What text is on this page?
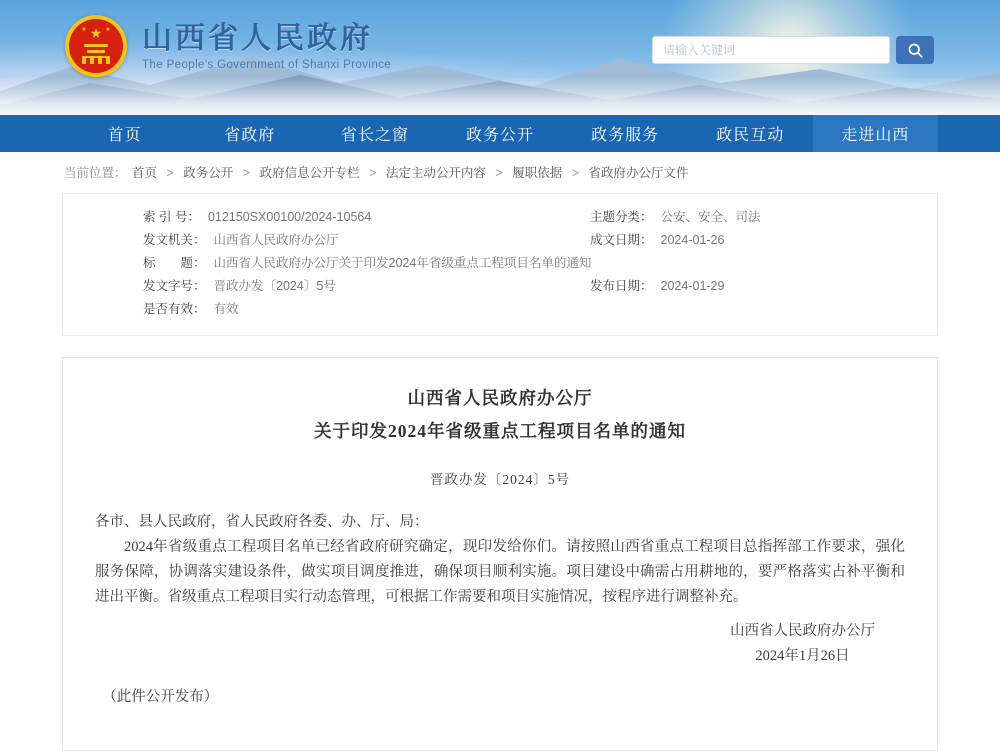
★
★	★ 山西省人民政府
The People's Government of Shanxi Province
请输入关键词
首页	省政府	省长之窗	政务公开	政务服务	政民互动	走进山西
当前位置： 首页 > 政务公开 > 政府信息公开专栏 > 法定主动公开内容 > 履职依据 > 省政府办公厅文件
索 引 号： 012150SX00100/2024-10564	主题分类： 公安、安全、司法
发文机关： 山西省人民政府办公厅	成文日期： 2024-01-26
标　　题： 山西省人民政府办公厅关于印发2024年省级重点工程项目名单的通知
发文字号： 晋政办发〔2024〕5号	发布日期： 2024-01-29
是否有效： 有效
山西省人民政府办公厅
关于印发2024年省级重点工程项目名单的通知
晋政办发〔2024〕5号
各市、县人民政府，省人民政府各委、办、厅、局：
2024年省级重点工程项目名单已经省政府研究确定，现印发给你们。请按照山西省重点工程项目总指挥部工作要求，强化服务保障，协调落实建设条件，做实项目调度推进，确保项目顺利实施。项目建设中确需占用耕地的，要严格落实占补平衡和进出平衡。省级重点工程项目实行动态管理，可根据工作需要和项目实施情况，按程序进行调整补充。
山西省人民政府办公厅
2024年1月26日
（此件公开发布）
